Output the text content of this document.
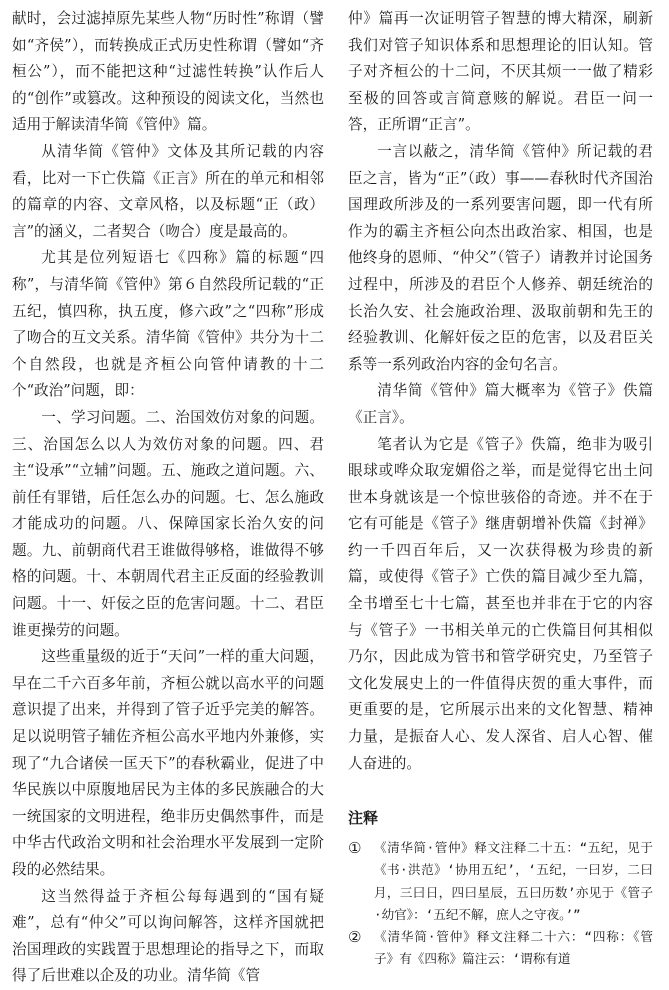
献时，会过滤掉原先某些人物“历时性”称谓（譬如“齐侯”），而转换成正式历史性称谓（譬如“齐桓公”），而不能把这种“过滤性转换”认作后人的“创作”或篡改。这种预设的阅读文化，当然也适用于解读清华简《管仲》篇。

从清华简《管仲》文体及其所记载的内容看，比对一下亡佚篇《正言》所在的单元和相邻的篇章的内容、文章风格，以及标题“正（政）言”的涵义，二者契合（吻合）度是最高的。

尤其是位列短语七《四称》篇的标题“四称”，与清华简《管仲》第６自然段所记载的“正五纪，慎四称，执五度，修六政”之“四称”形成了吻合的互文关系。清华简《管仲》共分为十二个自然段，也就是齐桓公向管仲请教的十二个“政治”问题，即：

一、学习问题。二、治国效仿对象的问题。三、治国怎么以人为效仿对象的问题。四、君主“设承”“立辅”问题。五、施政之道问题。六、前任有罪错，后任怎么办的问题。七、怎么施政才能成功的问题。八、保障国家长治久安的问题。九、前朝商代君王谁做得够格，谁做得不够格的问题。十、本朝周代君主正反面的经验教训问题。十一、奸佞之臣的危害问题。十二、君臣谁更操劳的问题。

这些重量级的近于“天问”一样的重大问题，早在二千六百多年前，齐桓公就以高水平的问题意识提了出来，并得到了管子近乎完美的解答。足以说明管子辅佐齐桓公高水平地内外兼修，实现了“九合诸侯一匡天下”的春秋霸业，促进了中华民族以中原腹地居民为主体的多民族融合的大一统国家的文明进程，绝非历史偶然事件，而是中华古代政治文明和社会治理水平发展到一定阶段的必然结果。

这当然得益于齐桓公每每遇到的“国有疑难”，总有“仲父”可以询问解答，这样齐国就把治国理政的实践置于思想理论的指导之下，而取得了后世难以企及的功业。清华简《管

仲》篇再一次证明管子智慧的博大精深，刷新我们对管子知识体系和思想理论的旧认知。管子对齐桓公的十二问，不厌其烦一一做了精彩至极的回答或言简意赅的解说。君臣一问一答，正所谓“正言”。

一言以蔽之，清华简《管仲》所记载的君臣之言，皆为“正”（政）事——春秋时代齐国治国理政所涉及的一系列要害问题，即一代有所作为的霸主齐桓公向杰出政治家、相国，也是他终身的恩师、“仲父”（管子）请教并讨论国务过程中，所涉及的君臣个人修养、朝廷统治的长治久安、社会施政治理、汲取前朝和先王的经验教训、化解奸佞之臣的危害，以及君臣关系等一系列政治内容的金句名言。

清华简《管仲》篇大概率为《管子》佚篇《正言》。

笔者认为它是《管子》佚篇，绝非为吸引眼球或哗众取宠媚俗之举，而是觉得它出土问世本身就该是一个惊世骇俗的奇迹。并不在于它有可能是《管子》继唐朝增补佚篇《封禅》约一千四百年后，又一次获得极为珍贵的新篇，或使得《管子》亡佚的篇目减少至九篇，全书增至七十七篇，甚至也并非在于它的内容与《管子》一书相关单元的亡佚篇目何其相似乃尔，因此成为管书和管学研究史，乃至管子文化发展史上的一件值得庆贺的重大事件，而更重要的是，它所展示出来的文化智慧、精神力量，是振奋人心、发人深省、启人心智、催人奋进的。

注释
① 《清华简·管仲》释文注释二十五：“五纪，见于《书·洪范》‘协用五纪’，‘五纪，一曰岁，二曰月，三曰日，四曰星辰，五曰历数’亦见于《管子·幼官》：‘五纪不解，庶人之守夜。’”

② 《清华简·管仲》释文注释二十六：“四称：《管子》有《四称》篇注云：‘谓称有道
